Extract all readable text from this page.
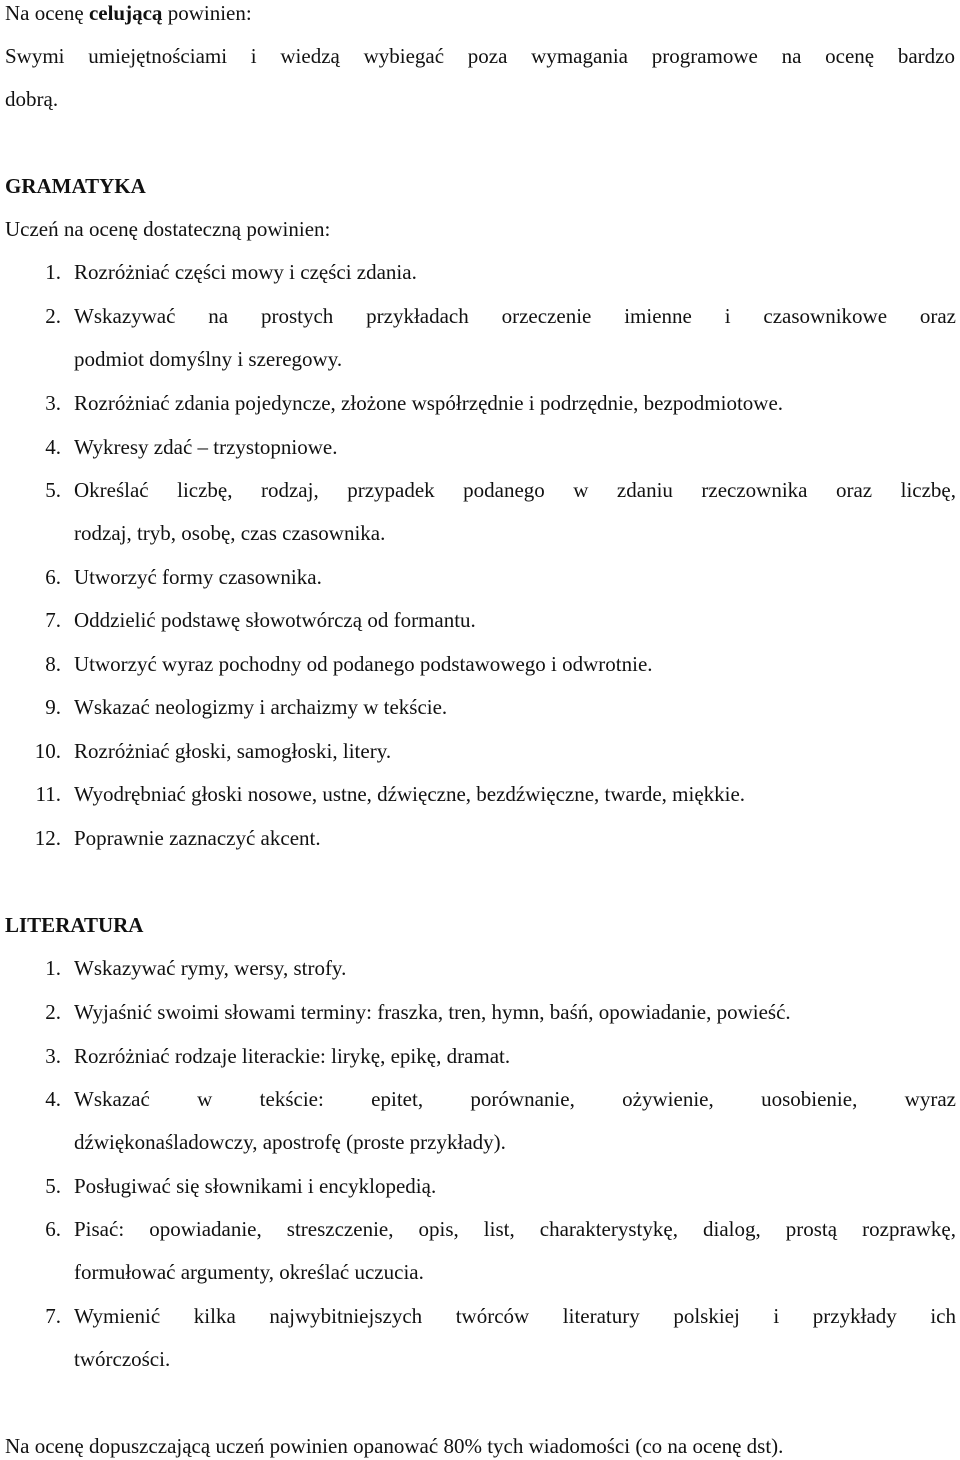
Na ocenę celującą powinien:

Swymi umiejętnościami i wiedzą wybiegać poza wymagania programowe na ocenę bardzo

dobrą.

GRAMATYKA

Uczeń na ocenę dostateczną powinien:

1. Rozróżniać części mowy i części zdania.
2. Wskazywać na prostych przykładach orzeczenie imienne i czasownikowe oraz
podmiot domyślny i szeregowy.
3. Rozróżniać zdania pojedyncze, złożone współrzędnie i podrzędnie, bezpodmiotowe.
4. Wykresy zdać – trzystopniowe.
5. Określać liczbę, rodzaj, przypadek podanego w zdaniu rzeczownika oraz liczbę,
rodzaj, tryb, osobę, czas czasownika.
6. Utworzyć formy czasownika.
7. Oddzielić podstawę słowotwórczą od formantu.
8. Utworzyć wyraz pochodny od podanego podstawowego i odwrotnie.
9. Wskazać neologizmy i archaizmy w tekście.
10. Rozróżniać głoski, samogłoski, litery.
11. Wyodrębniać głoski nosowe, ustne, dźwięczne, bezdźwięczne, twarde, miękkie.
12. Poprawnie zaznaczyć akcent.

LITERATURA

1. Wskazywać rymy, wersy, strofy.
2. Wyjaśnić swoimi słowami terminy: fraszka, tren, hymn, baśń, opowiadanie, powieść.
3. Rozróżniać rodzaje literackie: lirykę, epikę, dramat.
4. Wskazać w tekście: epitet, porównanie, ożywienie, uosobienie, wyraz
dźwiękonaśladowczy, apostrofę (proste przykłady).
5. Posługiwać się słownikami i encyklopedią.
6. Pisać: opowiadanie, streszczenie, opis, list, charakterystykę, dialog, prostą rozprawkę,
formułować argumenty, określać uczucia.
7. Wymienić kilka najwybitniejszych twórców literatury polskiej i przykłady ich
twórczości.

Na ocenę dopuszczającą uczeń powinien opanować 80% tych wiadomości (co na ocenę dst).
